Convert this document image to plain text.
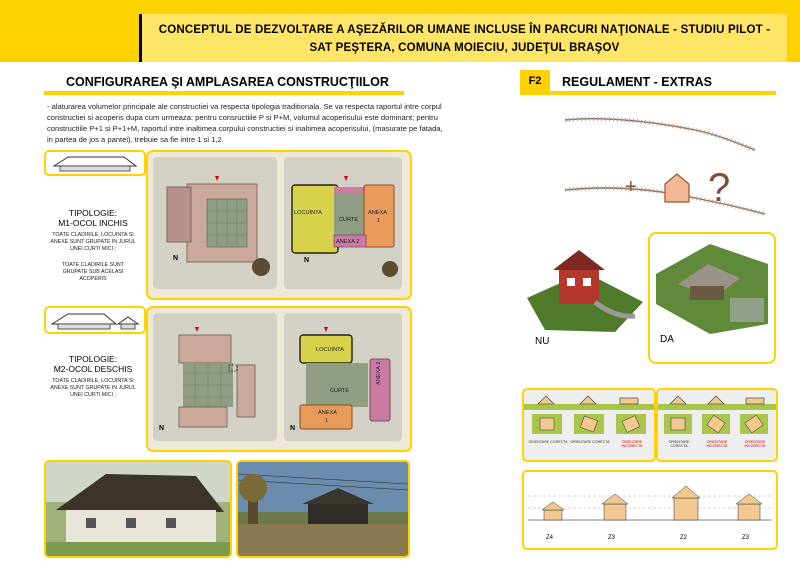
CONCEPTUL DE DEZVOLTARE A AŞEZĂRILOR UMANE INCLUSE ÎN PARCURI NAŢIONALE - STUDIU PILOT -
SAT PEŞTERA, COMUNA MOIECIU, JUDEŢUL BRAŞOV
CONFIGURAREA ŞI AMPLASAREA CONSTRUCŢIILOR
- alaturarea volumelor principale ale constructiei va respecta tipologia traditionala. Se va respecta raportul intre corpul constructiei si acoperis dupa cum urmeaza: pentru consructiile P si P+M, volumul acoperisului este dominant; pentru constructiile P+1 si P+1+M, raportul intre inaltimea corpului constructiei si inaltimea acoperisului, (masurate pe fatada, in partea de jos a pantei), trebuie sa fie intre 1 si 1,2.
TIPOLOGIE:
M1-OCOL INCHIS
TOATE CLADIRILE, LOCUINTA SI ANEXE SUNT GRUPATE IN JURUL UNEI CURTI MICI ;
TOATE CLADIRILE SUNT GRUPATE SUB ACELASI ACOPERIS
N
LOCUINTA
CURTE
ANEXA
1
ANEXA 2
N
TIPOLOGIE:
M2-OCOL DESCHIS
TOATE CLADIRILE, LOCUINTA SI ANEXE SUNT GRUPATE IN JURUL UNEI CURTI MICI ;
N
LOCUINTA
CURTE
ANEXA
1
ANEXA 2
N
F2	REGULAMENT - EXTRAS
+ ?
NU	DA
ORIENTARE CORECTA ORIENTARE CORECTA	ORIENTARE INCORECTA
ORIENTARE CORECTA
ORIENTARE INCORECTA
ORIENTARE INCORECTA
Z4	Z3	Z2	Z3
